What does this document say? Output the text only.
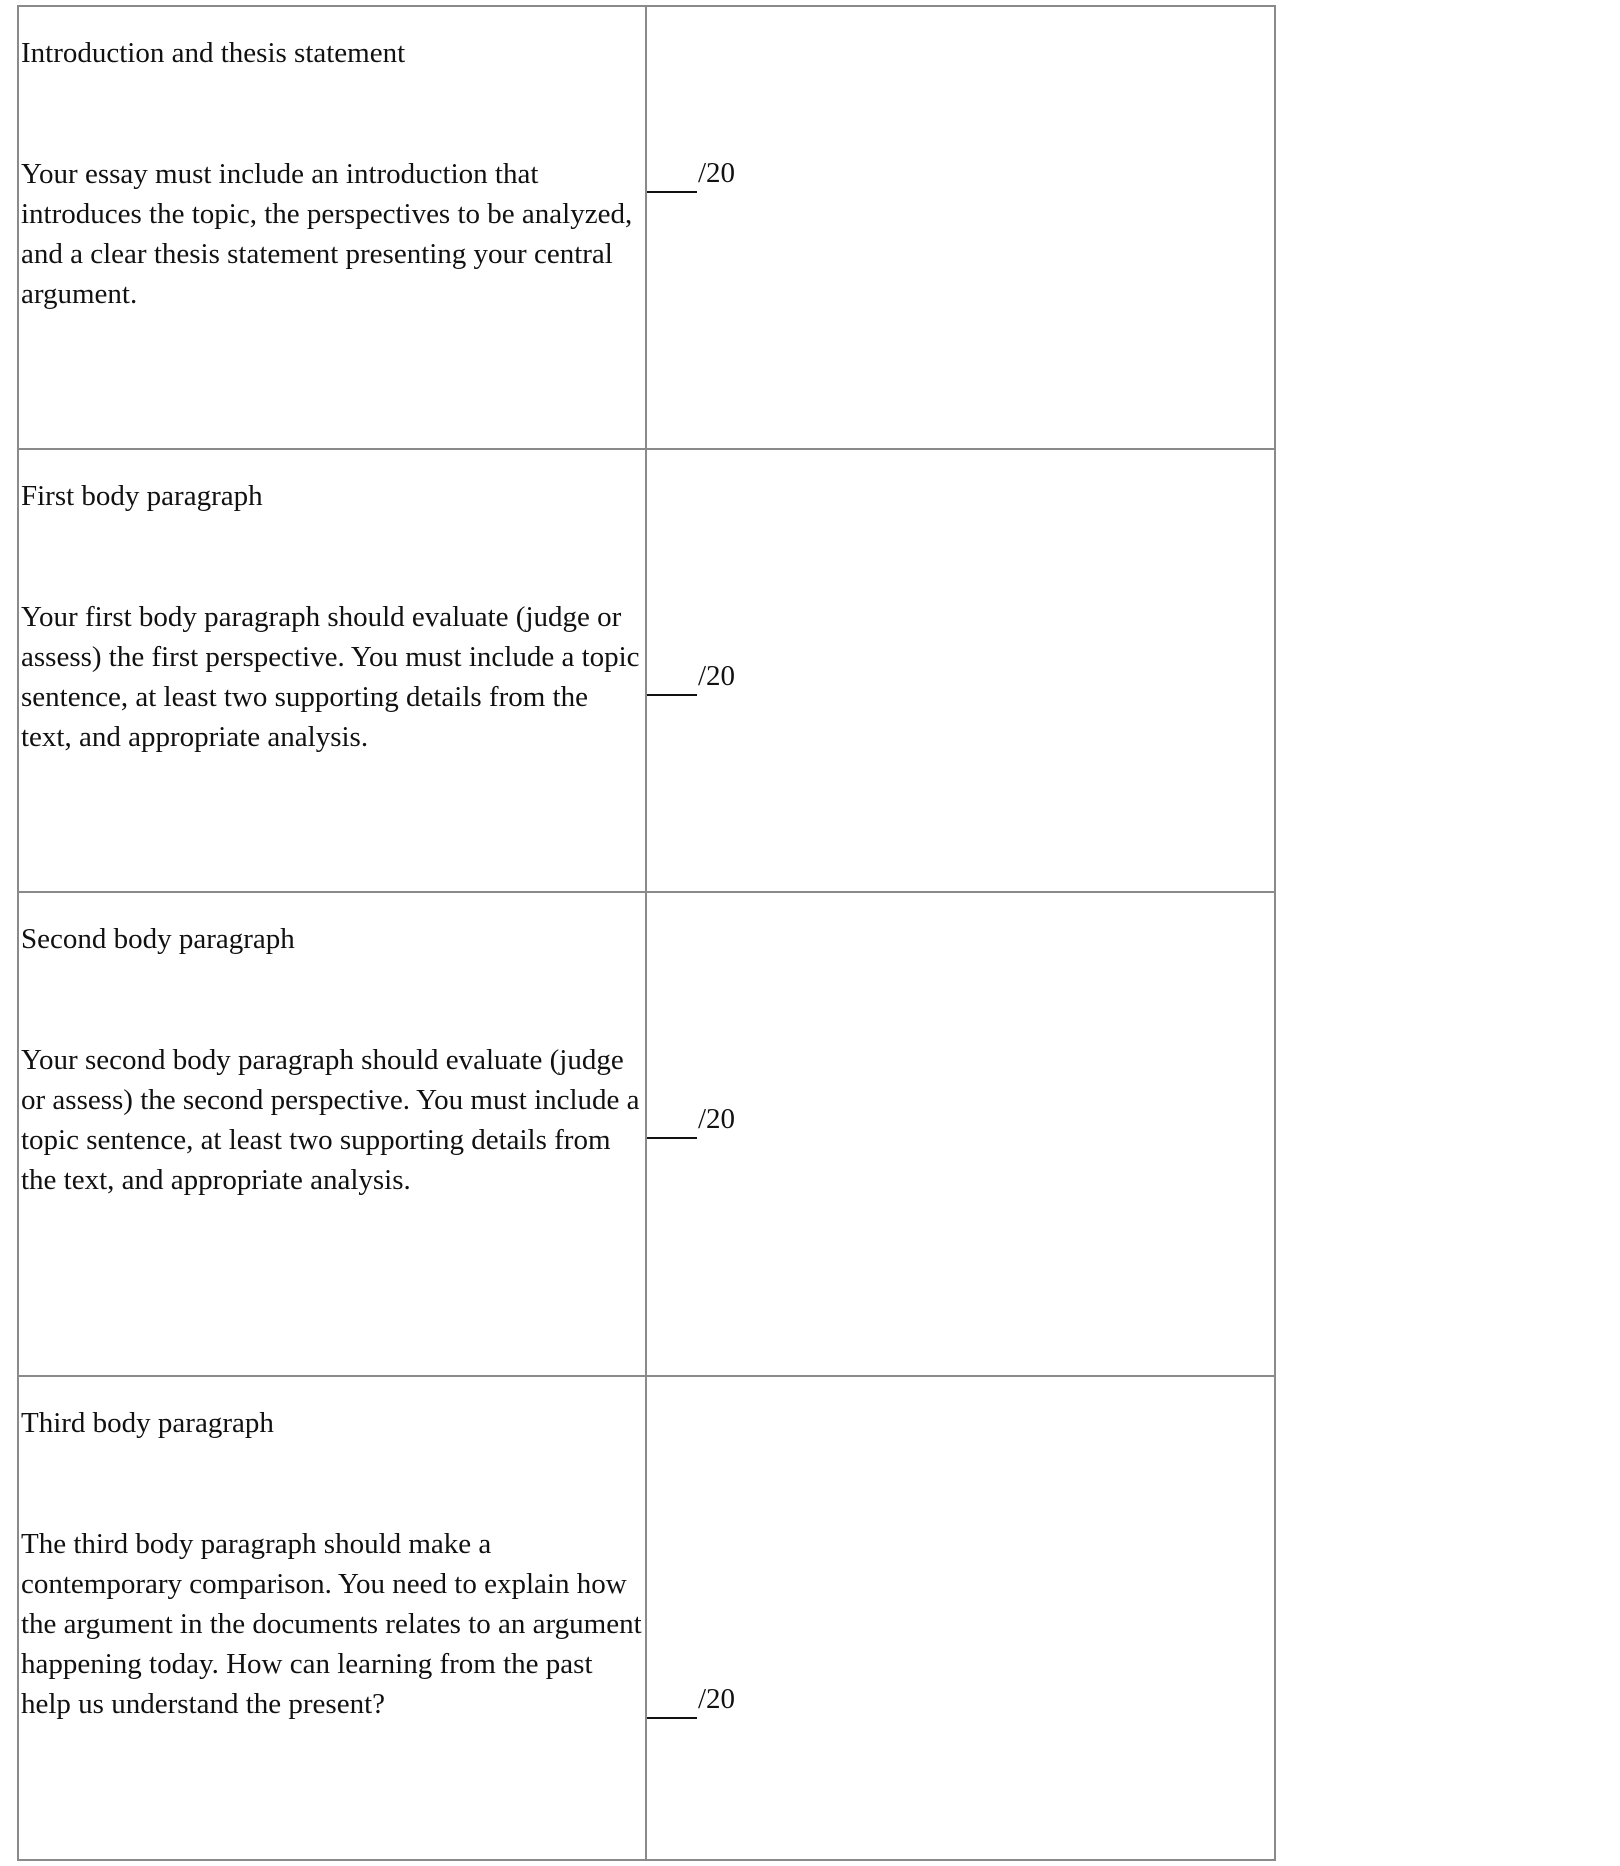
Introduction and thesis statement
Your essay must include an introduction that introduces the topic, the perspectives to be analyzed, and a clear thesis statement presenting your central argument.	/20

First body paragraph
Your first body paragraph should evaluate (judge or assess) the first perspective. You must include a topic sentence, at least two supporting details from the text, and appropriate analysis.	/20

Second body paragraph
Your second body paragraph should evaluate (judge or assess) the second perspective. You must include a topic sentence, at least two supporting details from the text, and appropriate analysis.	/20

Third body paragraph
The third body paragraph should make a contemporary comparison. You need to explain how the argument in the documents relates to an argument happening today. How can learning from the past help us understand the present?	/20
